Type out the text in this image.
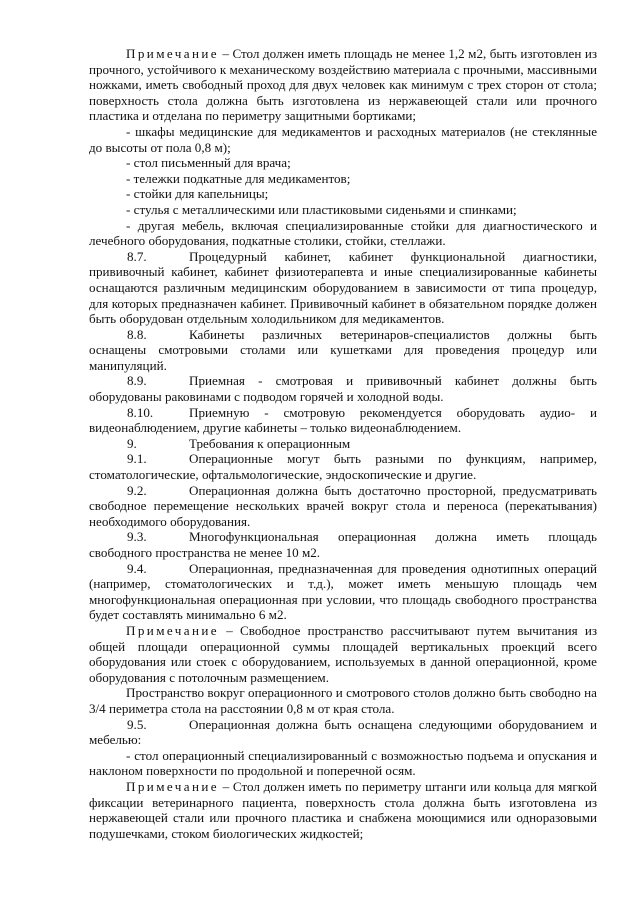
Примечание – Стол должен иметь площадь не менее 1,2 м2, быть изготовлен из прочного, устойчивого к механическому воздействию материала с прочными, массивными ножками, иметь свободный проход для двух человек как минимум с трех сторон от стола; поверхность стола должна быть изготовлена из нержавеющей стали или прочного пластика и отделана по периметру защитными бортиками;

- шкафы медицинские для медикаментов и расходных материалов (не стеклянные до высоты от пола 0,8 м);

- стол письменный для врача;

- тележки подкатные для медикаментов;

- стойки для капельницы;

- стулья с металлическими или пластиковыми сиденьями и спинками;

- другая мебель, включая специализированные стойки для диагностического и лечебного оборудования, подкатные столики, стойки, стеллажи.

8.7.	Процедурный кабинет, кабинет функциональной диагностики, прививочный кабинет, кабинет физиотерапевта и иные специализированные кабинеты оснащаются различным медицинским оборудованием в зависимости от типа процедур, для которых предназначен кабинет. Прививочный кабинет в обязательном порядке должен быть оборудован отдельным холодильником для медикаментов.

8.8.	Кабинеты различных ветеринаров-специалистов должны быть оснащены смотровыми столами или кушетками для проведения процедур или манипуляций.

8.9.	Приемная - смотровая и прививочный кабинет должны быть оборудованы раковинами с подводом горячей и холодной воды.

8.10.	Приемную - смотровую рекомендуется оборудовать аудио- и видеонаблюдением, другие кабинеты – только видеонаблюдением.

9.	Требования к операционным

9.1.	Операционные могут быть разными по функциям, например, стоматологические, офтальмологические, эндоскопические и другие.

9.2.	Операционная должна быть достаточно просторной, предусматривать свободное перемещение нескольких врачей вокруг стола и переноса (перекатывания) необходимого оборудования.

9.3.	Многофункциональная операционная должна иметь площадь свободного пространства не менее 10 м2.

9.4.	Операционная, предназначенная для проведения однотипных операций (например, стоматологических и т.д.), может иметь меньшую площадь чем многофункциональная операционная при условии, что площадь свободного пространства будет составлять минимально 6 м2.

Примечание – Свободное пространство рассчитывают путем вычитания из общей площади операционной суммы площадей вертикальных проекций всего оборудования или стоек с оборудованием, используемых в данной операционной, кроме оборудования с потолочным размещением.

Пространство вокруг операционного и смотрового столов должно быть свободно на 3/4 периметра стола на расстоянии 0,8 м от края стола.

9.5.	Операционная должна быть оснащена следующими оборудованием и мебелью:

- стол операционный специализированный с возможностью подъема и опускания и наклоном поверхности по продольной и поперечной осям.

Примечание – Стол должен иметь по периметру штанги или кольца для мягкой фиксации ветеринарного пациента, поверхность стола должна быть изготовлена из нержавеющей стали или прочного пластика и снабжена моющимися или одноразовыми подушечками, стоком биологических жидкостей;
